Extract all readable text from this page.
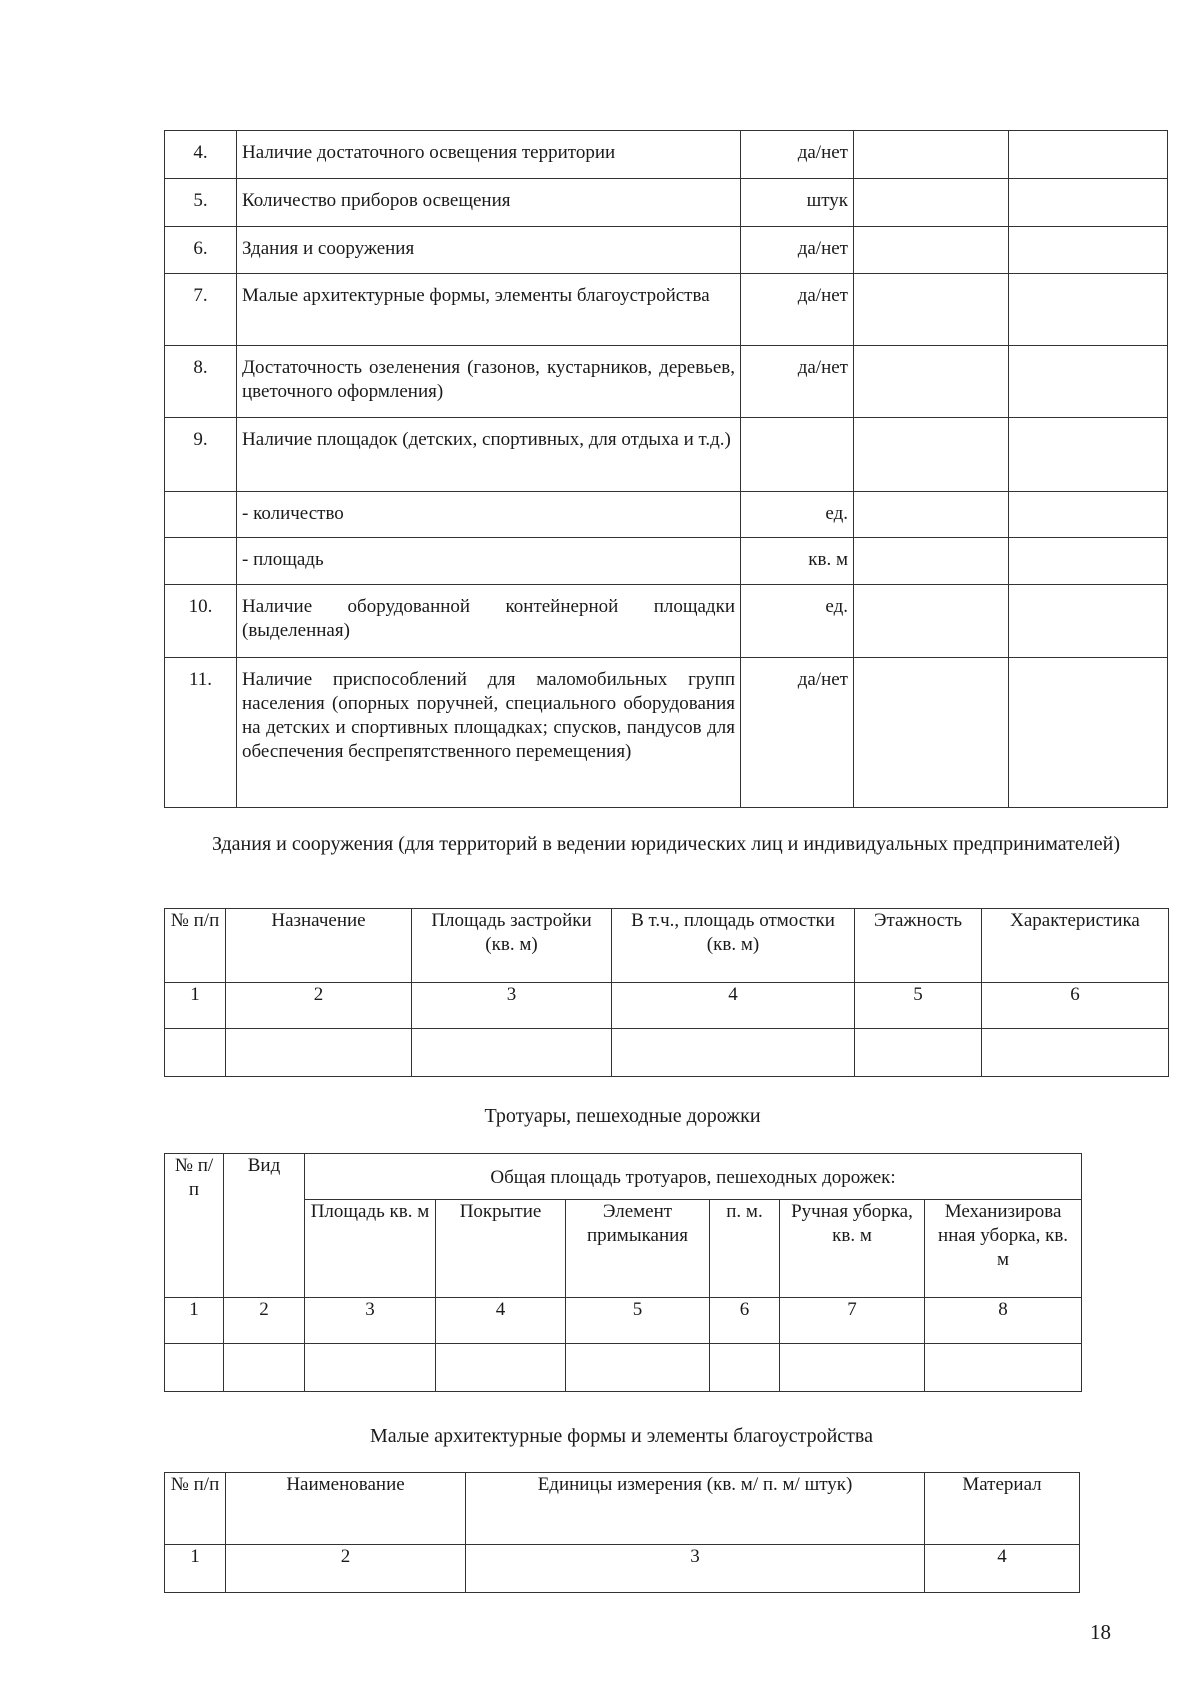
4.	Наличие достаточного освещения территории	да/нет		
5.	Количество приборов освещения	штук		
6.	Здания и сооружения	да/нет		
7.	Малые архитектурные формы, элементы благоустройства	да/нет		
8.	Достаточность озеленения (газонов, кустарников, деревьев, цветочного оформления)	да/нет		
9.	Наличие площадок (детских, спортивных, для отдыха и т.д.)			
	- количество	ед.		
	- площадь	кв. м		
10.	Наличие оборудованной контейнерной площадки (выделенная)	ед.		
11.	Наличие приспособлений для маломобильных групп населения (опорных поручней, специального оборудования на детских и спортивных площадках; спусков, пандусов для обеспечения беспрепятственного перемещения)	да/нет		
Здания и сооружения (для территорий в ведении юридических лиц и индивидуальных предпринимателей)
№ п/п	Назначение	Площадь застройки (кв. м)	В т.ч., площадь отмостки (кв. м)	Этажность	Характеристика
1	2	3	4	5	6

Тротуары, пешеходные дорожки
№ п/п	Вид	Общая площадь тротуаров, пешеходных дорожек:					
		Площадь кв. м	Покрытие	Элемент примыкания	п. м.	Ручная уборка, кв. м	Механизирова нная уборка, кв. м
1	2	3	4	5	6	7	8

Малые архитектурные формы и элементы благоустройства
№ п/п	Наименование	Единицы измерения (кв. м/ п. м/ штук)	Материал
1	2	3	4
18
